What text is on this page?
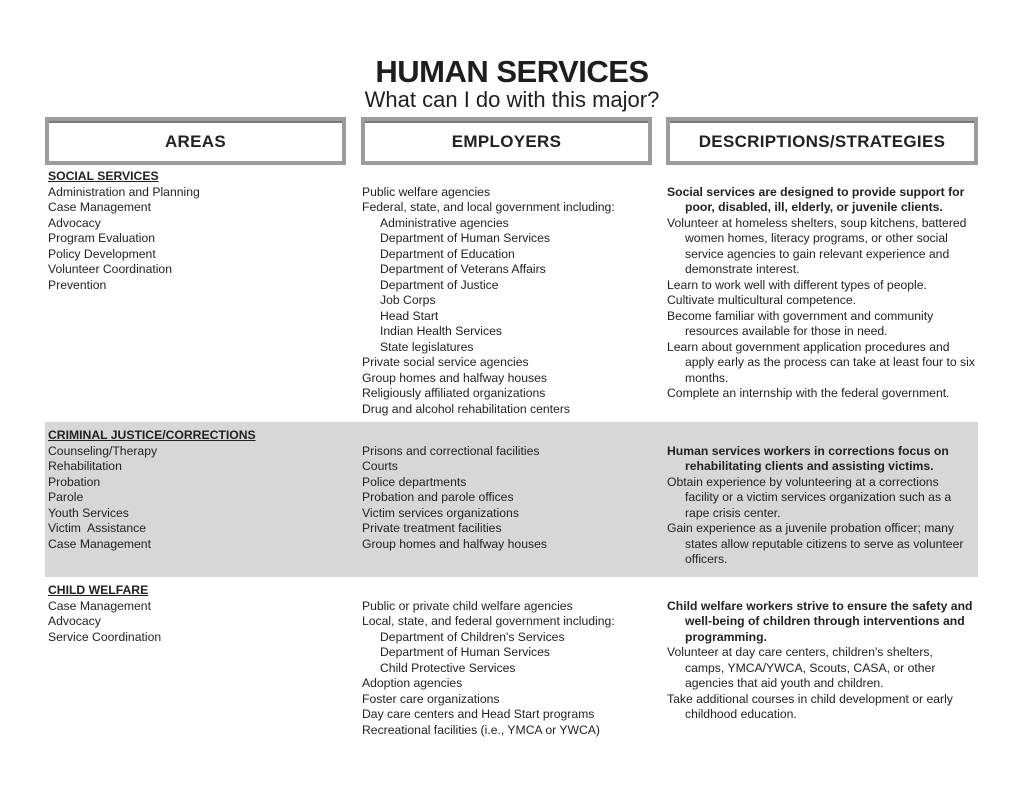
HUMAN SERVICES
What can I do with this major?
AREAS	EMPLOYERS	DESCRIPTIONS/STRATEGIES
SOCIAL SERVICES
Administration and Planning
Case Management
Advocacy
Program Evaluation
Policy Development
Volunteer Coordination
Prevention
Public welfare agencies
Federal, state, and local government including:
Administrative agencies
Department of Human Services
Department of Education
Department of Veterans Affairs
Department of Justice
Job Corps
Head Start
Indian Health Services
State legislatures
Private social service agencies
Group homes and halfway houses
Religiously affiliated organizations
Drug and alcohol rehabilitation centers
Social services are designed to provide support for poor, disabled, ill, elderly, or juvenile clients.
Volunteer at homeless shelters, soup kitchens, battered women homes, literacy programs, or other social service agencies to gain relevant experience and demonstrate interest.
Learn to work well with different types of people.
Cultivate multicultural competence.
Become familiar with government and community resources available for those in need.
Learn about government application procedures and apply early as the process can take at least four to six months.
Complete an internship with the federal government.
CRIMINAL JUSTICE/CORRECTIONS
Counseling/Therapy
Rehabilitation
Probation
Parole
Youth Services
Victim  Assistance
Case Management
Prisons and correctional facilities
Courts
Police departments
Probation and parole offices
Victim services organizations
Private treatment facilities
Group homes and halfway houses
Human services workers in corrections focus on rehabilitating clients and assisting victims.
Obtain experience by volunteering at a corrections facility or a victim services organization such as a rape crisis center.
Gain experience as a juvenile probation officer; many states allow reputable citizens to serve as volunteer officers.
CHILD WELFARE
Case Management
Advocacy
Service Coordination
Public or private child welfare agencies
Local, state, and federal government including:
Department of Children's Services
Department of Human Services
Child Protective Services
Adoption agencies
Foster care organizations
Day care centers and Head Start programs
Recreational facilities (i.e., YMCA or YWCA)
Child welfare workers strive to ensure the safety and well-being of children through interventions and programming.
Volunteer at day care centers, children's shelters, camps, YMCA/YWCA, Scouts, CASA, or other agencies that aid youth and children.
Take additional courses in child development or early childhood education.
